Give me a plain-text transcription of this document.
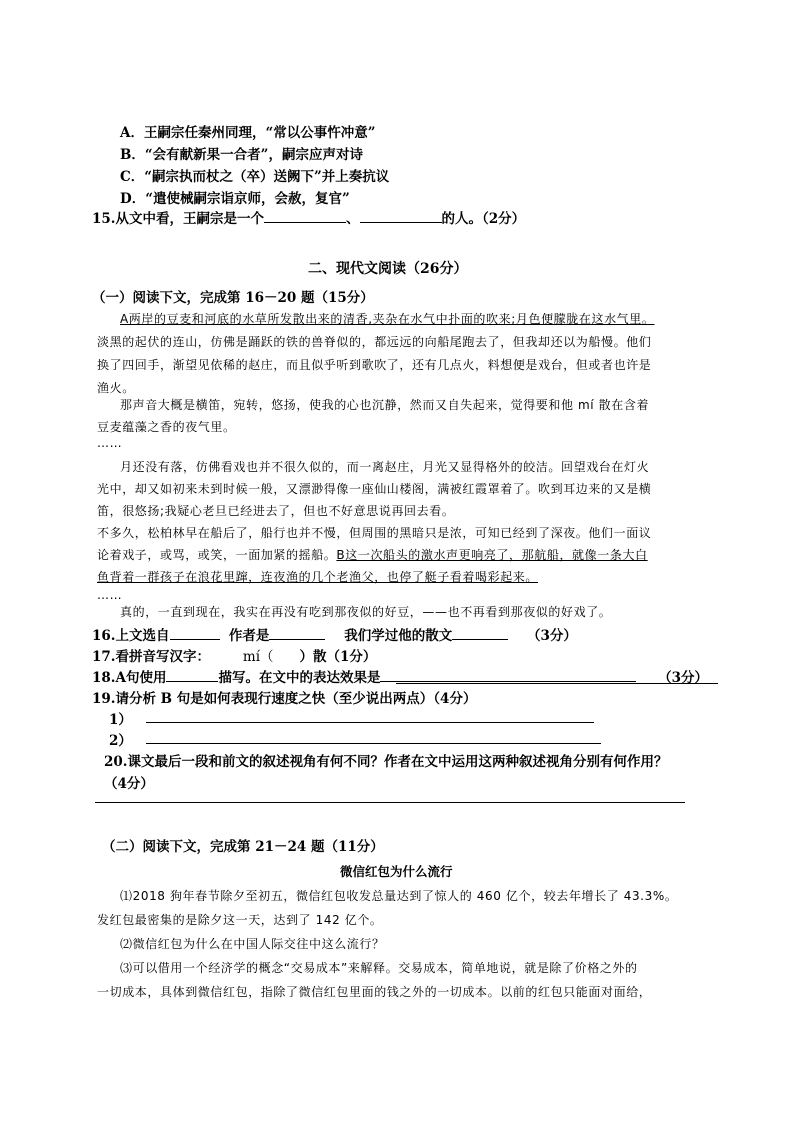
A．王嗣宗任秦州同理，“常以公事忤冲意”
B．“会有献新果一合者”，嗣宗应声对诗
C．“嗣宗执而杖之（卒）送阙下”并上奏抗议
D．“遣使械嗣宗诣京师，会赦，复官”
15.从文中看，王嗣宗是一个	、	的人。（2分）
二、现代文阅读（26分）
（一）阅读下文，完成第 16－20 题（15分）
A两岸的豆麦和河底的水草所发散出来的清香,夹杂在水气中扑面的吹来;月色便朦胧在这水气里。
淡黑的起伏的连山，仿佛是踊跃的铁的兽脊似的，都远远的向船尾跑去了，但我却还以为船慢。他们
换了四回手，渐望见依稀的赵庄，而且似乎听到歌吹了，还有几点火，料想便是戏台，但或者也许是
渔火。
那声音大概是横笛，宛转，悠扬，使我的心也沉静，然而又自失起来，觉得要和他 mí 散在含着
豆麦蕴藻之香的夜气里。
……
月还没有落，仿佛看戏也并不很久似的，而一离赵庄，月光又显得格外的皎洁。回望戏台在灯火
光中，却又如初来未到时候一般，又漂渺得像一座仙山楼阁，满被红霞罩着了。吹到耳边来的又是横
笛，很悠扬;我疑心老旦已经进去了，但也不好意思说再回去看。
不多久，松柏林早在船后了，船行也并不慢，但周围的黑暗只是浓，可知已经到了深夜。他们一面议
论着戏子，或骂，或笑，一面加紧的摇船。B这一次船头的激水声更响亮了，那航船，就像一条大白
鱼背着一群孩子在浪花里蹿，连夜渔的几个老渔父，也停了艇子看着喝彩起来。
……
真的，一直到现在，我实在再没有吃到那夜似的好豆，——也不再看到那夜似的好戏了。
16.上文选自	作者是	我们学过他的散文	（3分）
17.看拼音写汉字： mí（ ）散（1分）
18.A句使用	描写。在文中的表达效果是	（3分）
19.请分析 B 句是如何表现行速度之快（至少说出两点）（4分）
1）
2）
20.课文最后一段和前文的叙述视角有何不同？作者在文中运用这两种叙述视角分别有何作用？
（4分）
（二）阅读下文，完成第 21－24 题（11分）
微信红包为什么流行
⑴2018 狗年春节除夕至初五，微信红包收发总量达到了惊人的 460 亿个，较去年增长了 43.3%。
发红包最密集的是除夕这一天，达到了 142 亿个。
⑵微信红包为什么在中国人际交往中这么流行？
⑶可以借用一个经济学的概念“交易成本”来解释。交易成本，简单地说，就是除了价格之外的
一切成本，具体到微信红包，指除了微信红包里面的钱之外的一切成本。以前的红包只能面对面给，
